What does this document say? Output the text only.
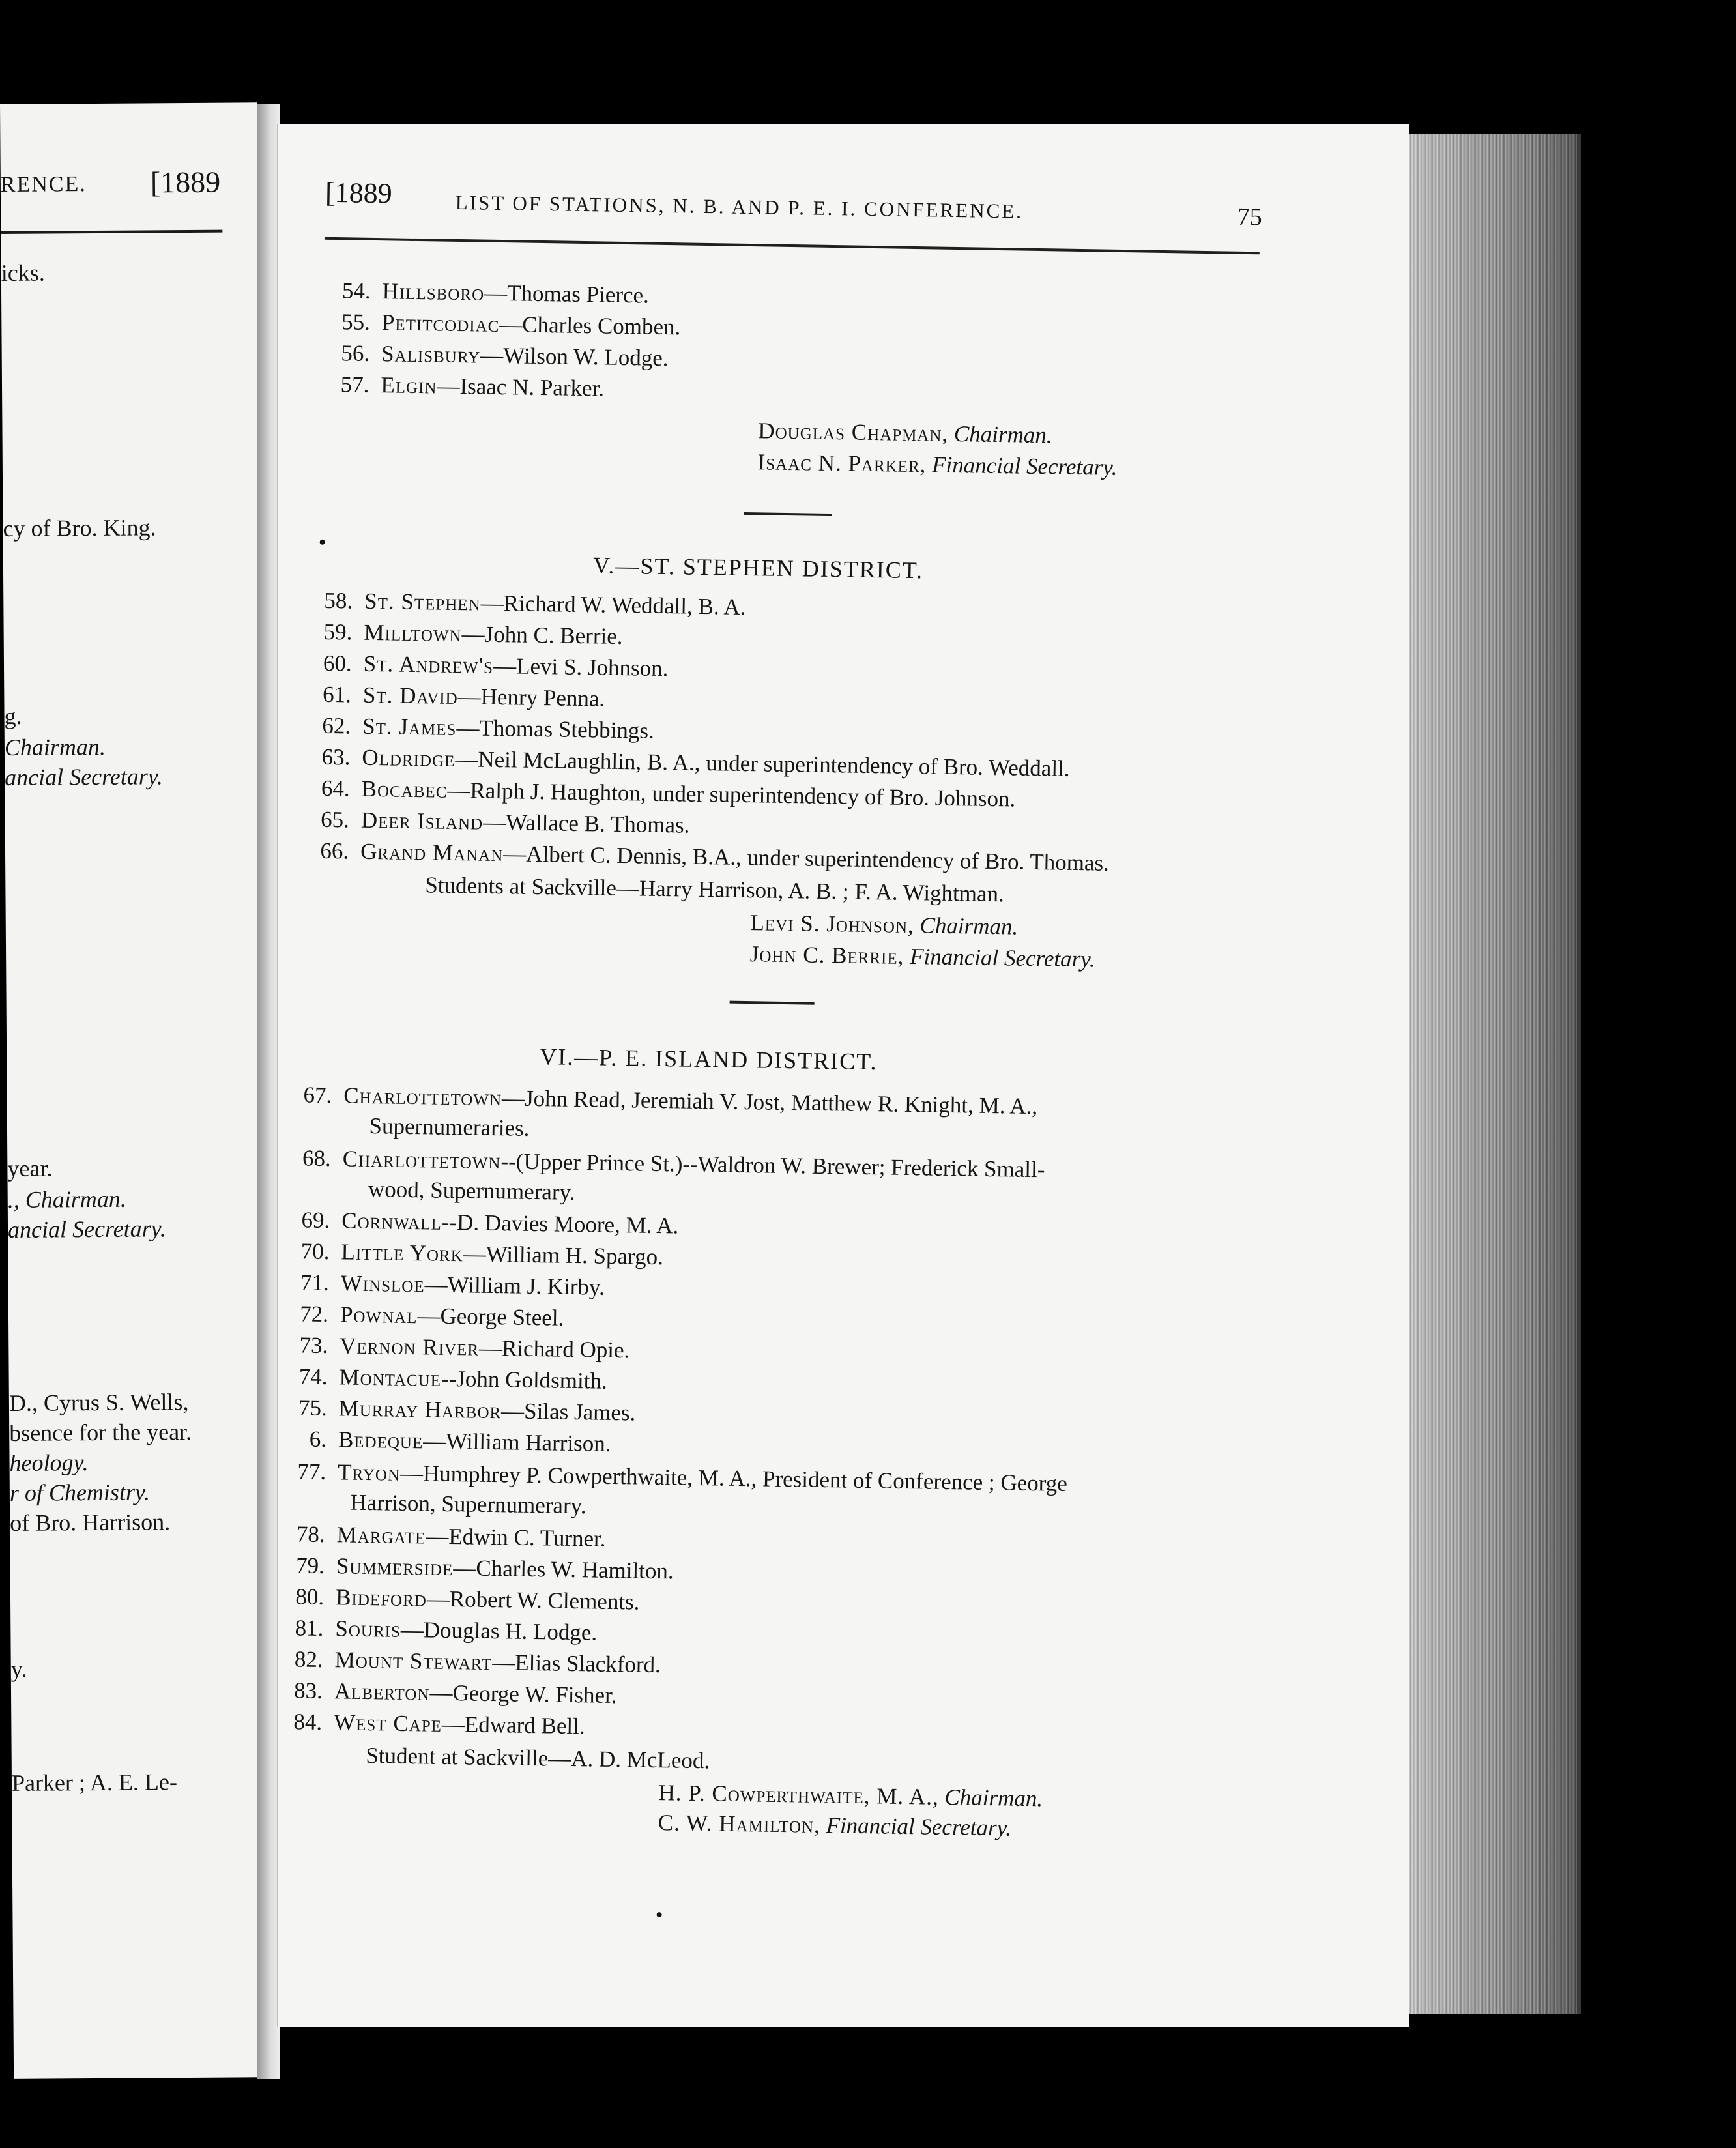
RENCE. [1889
icks.
cy of Bro. King.
g.
Chairman.
ancial Secretary.
year.
., Chairman.
ancial Secretary.
D., Cyrus S. Wells,
bsence for the year.
heology.
r of Chemistry.
of Bro. Harrison.
y.
Parker ; A. E. Le-
[1889	LIST OF STATIONS, N. B. AND P. E. I. CONFERENCE.	75
54. Hillsboro—Thomas Pierce.
55. Petitcodiac—Charles Comben.
56. Salisbury—Wilson W. Lodge.
57. Elgin—Isaac N. Parker.
Douglas Chapman, Chairman.
Isaac N. Parker, Financial Secretary.
V.—ST. STEPHEN DISTRICT.
58. St. Stephen—Richard W. Weddall, B. A.
59. Milltown—John C. Berrie.
60. St. Andrew's—Levi S. Johnson.
61. St. David—Henry Penna.
62. St. James—Thomas Stebbings.
63. Oldridge—Neil McLaughlin, B. A., under superintendency of Bro. Weddall.
64. Bocabec—Ralph J. Haughton, under superintendency of Bro. Johnson.
65. Deer Island—Wallace B. Thomas.
66. Grand Manan—Albert C. Dennis, B.A., under superintendency of Bro. Thomas.
Students at Sackville—Harry Harrison, A. B. ; F. A. Wightman.
Levi S. Johnson, Chairman.
John C. Berrie, Financial Secretary.
VI.—P. E. ISLAND DISTRICT.
67. Charlottetown—John Read, Jeremiah V. Jost, Matthew R. Knight, M. A.,
Supernumeraries.
68. Charlottetown--(Upper Prince St.)--Waldron W. Brewer; Frederick Small-
wood, Supernumerary.
69. Cornwall--D. Davies Moore, M. A.
70. Little York—William H. Spargo.
71. Winsloe—William J. Kirby.
72. Pownal—George Steel.
73. Vernon River—Richard Opie.
74. Montacue--John Goldsmith.
75. Murray Harbor—Silas James.
6. Bedeque—William Harrison.
77. Tryon—Humphrey P. Cowperthwaite, M. A., President of Conference ; George
Harrison, Supernumerary.
78. Margate—Edwin C. Turner.
79. Summerside—Charles W. Hamilton.
80. Bideford—Robert W. Clements.
81. Souris—Douglas H. Lodge.
82. Mount Stewart—Elias Slackford.
83. Alberton—George W. Fisher.
84. West Cape—Edward Bell.
Student at Sackville—A. D. McLeod.
H. P. Cowperthwaite, M. A., Chairman.
C. W. Hamilton, Financial Secretary.
